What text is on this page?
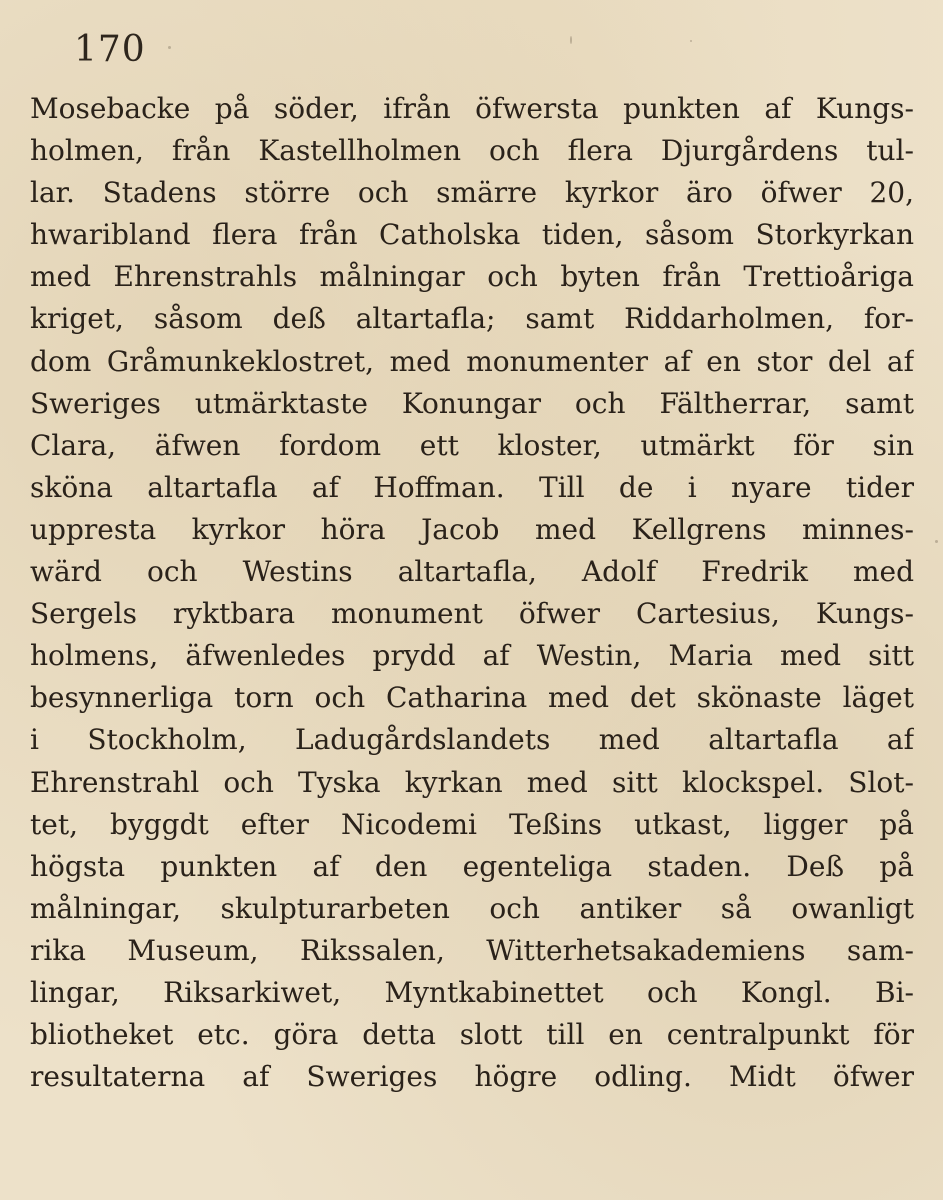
170
Mosebacke på söder, ifrån öfwersta punkten af Kungs-
holmen, från Kastellholmen och flera Djurgårdens tul-
lar. Stadens större och smärre kyrkor äro öfwer 20,
hwaribland flera från Catholska tiden, såsom Storkyrkan
med Ehrenstrahls målningar och byten från Trettioåriga
kriget, såsom deß altartafla; samt Riddarholmen, for-
dom Gråmunkeklostret, med monumenter af en stor del af
Sweriges utmärktaste Konungar och Fältherrar, samt
Clara, äfwen fordom ett kloster, utmärkt för sin
sköna altartafla af Hoffman. Till de i nyare tider
uppresta kyrkor höra Jacob med Kellgrens minnes-
wärd och Westins altartafla, Adolf Fredrik med
Sergels ryktbara monument öfwer Cartesius, Kungs-
holmens, äfwenledes prydd af Westin, Maria med sitt
besynnerliga torn och Catharina med det skönaste läget
i Stockholm, Ladugårdslandets med altartafla af
Ehrenstrahl och Tyska kyrkan med sitt klockspel. Slot-
tet, byggdt efter Nicodemi Teßins utkast, ligger på
högsta punkten af den egenteliga staden. Deß på
målningar, skulpturarbeten och antiker så owanligt
rika Museum, Rikssalen, Witterhetsakademiens sam-
lingar, Riksarkiwet, Myntkabinettet och Kongl. Bi-
bliotheket etc. göra detta slott till en centralpunkt för
resultaterna af Sweriges högre odling. Midt öfwer
